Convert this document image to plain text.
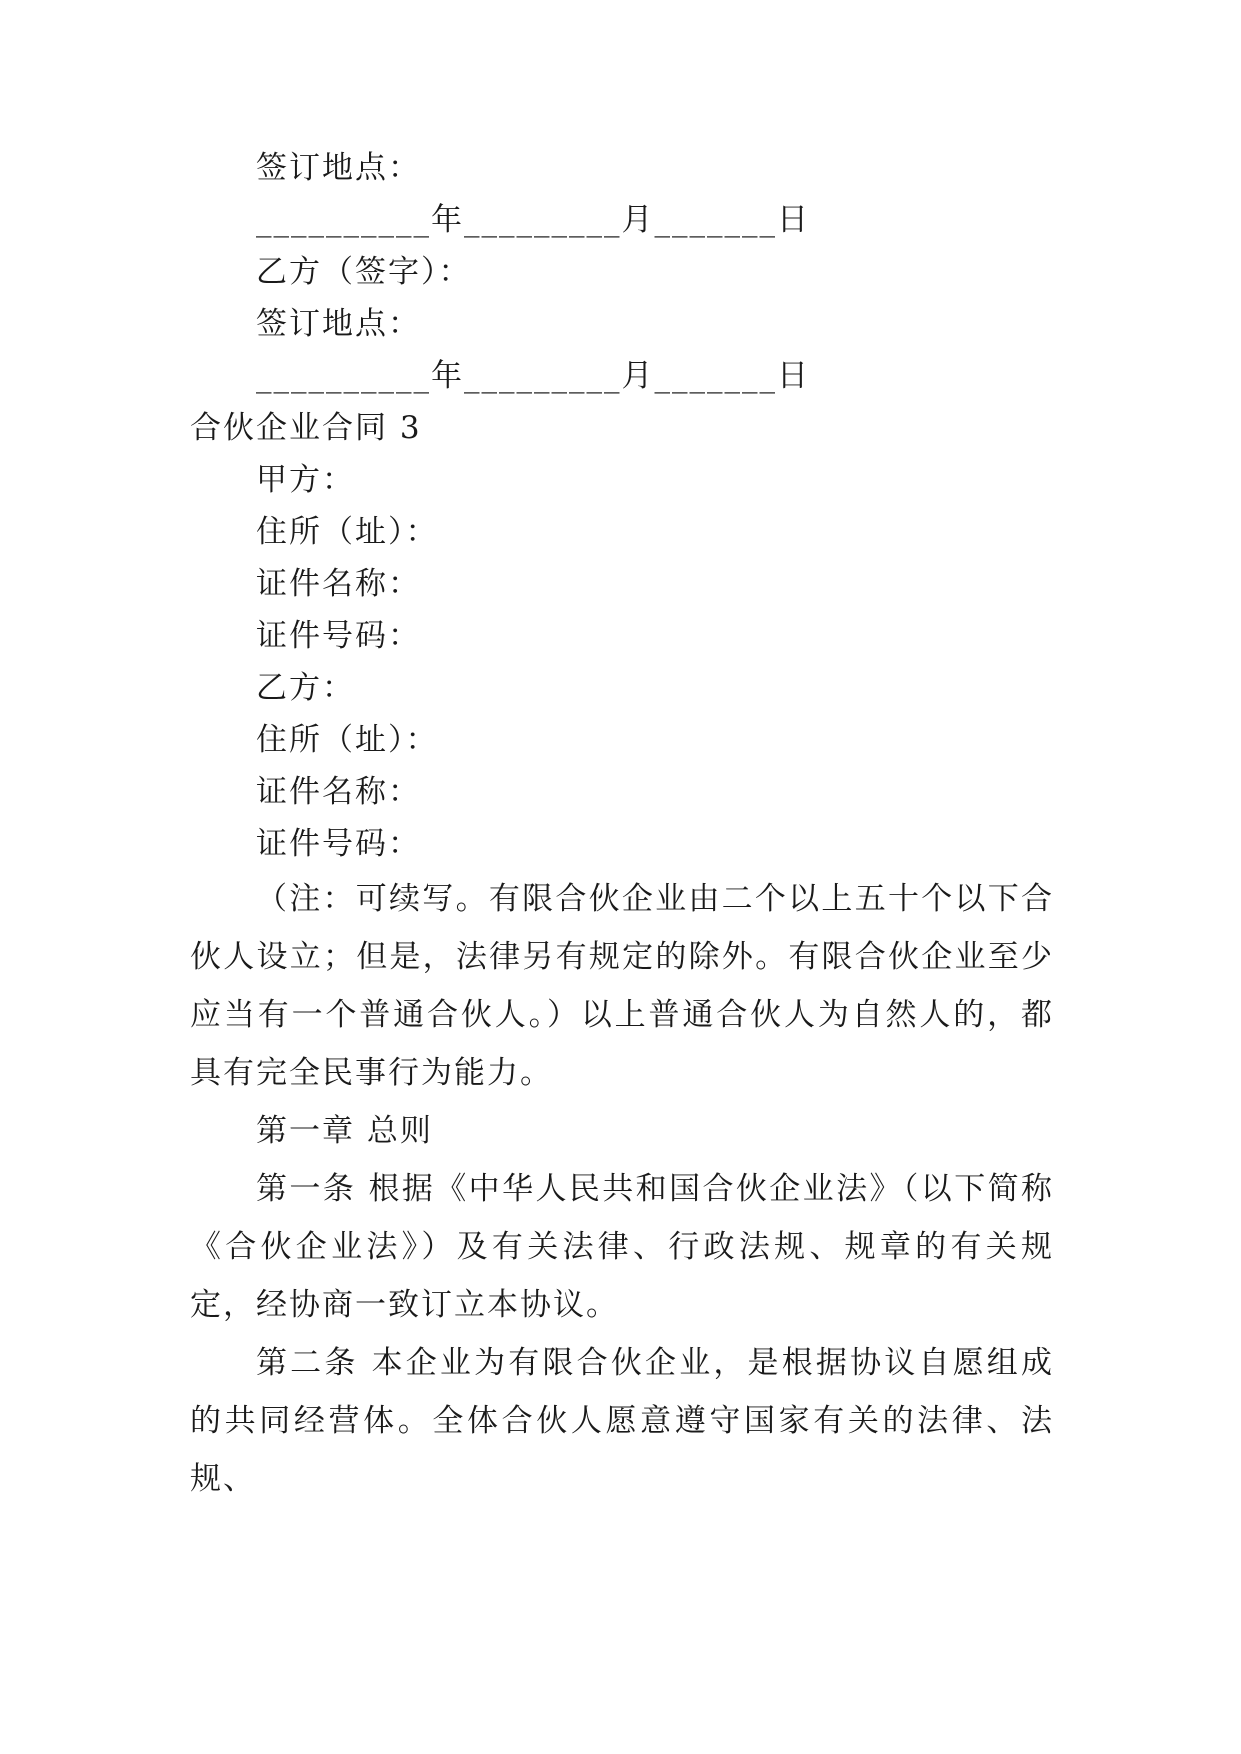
签订地点：

__________年_________月_______日

乙方（签字）：

签订地点：

__________年_________月_______日

合伙企业合同 3

甲方：

住所（址）：

证件名称：

证件号码：

乙方：

住所（址）：

证件名称：

证件号码：

（注：可续写。有限合伙企业由二个以上五十个以下合伙人设立；但是，法律另有规定的除外。有限合伙企业至少应当有一个普通合伙人。）以上普通合伙人为自然人的，都具有完全民事行为能力。

第一章 总则

第一条 根据《中华人民共和国合伙企业法》（以下简称《合伙企业法》）及有关法律、行政法规、规章的有关规定，经协商一致订立本协议。

第二条 本企业为有限合伙企业，是根据协议自愿组成的共同经营体。全体合伙人愿意遵守国家有关的法律、法规、
